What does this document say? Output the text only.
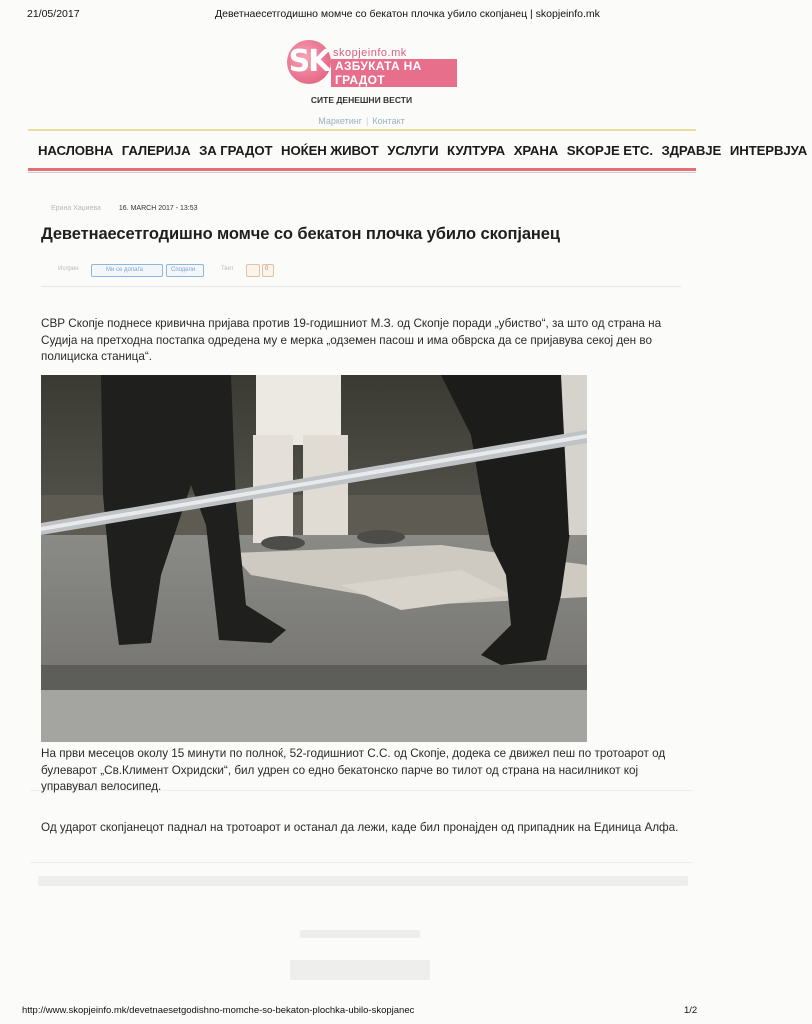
21/05/2017	Деветнаесетгодишно момче со бекатон плочка убило скопјанец | skopjeinfo.mk
SK skopjeinfo.mk
АЗБУКАТА НА ГРАДОТ
СИТЕ ДЕНЕШНИ ВЕСТИ
Маркетинг | Контакт
НАСЛОВНА ГАЛЕРИЈА ЗА ГРАДОТ НОЌЕН ЖИВОТ УСЛУГИ КУЛТУРА ХРАНА SKOPJE ETC. ЗДРАВЈЕ ИНТЕРВЈУА
Ерина Хаџиева	16. MARCH 2017 - 13:53
Деветнаесетгодишно момче со бекатон плочка убило скопјанец
Исприн	Ми се допаѓа	Сподели	Твит	0

СВР Скопје поднесе кривична пријава против 19-годишниот М.З. од Скопје поради „убиство“, за што од страна на Судија на претходна постапка одредена му е мерка „одземен пасош и има обврска да се пријавува секој ден во полициска станица“.

На први месецов околу 15 минути по полноќ, 52-годишниот С.С. од Скопје, додека се движел пеш по тротоарот од булеварот „Св.Климент Охридски“, бил удрен со едно бекатонско парче во тилот од страна на насилникот кој управувал велосипед.

Од ударот скопјанецот паднал на тротоарот и останал да лежи, каде бил пронајден од припадник на Единица Алфа.

http://www.skopjeinfo.mk/devetnaesetgodishno-momche-so-bekaton-plochka-ubilo-skopjanec	1/2
